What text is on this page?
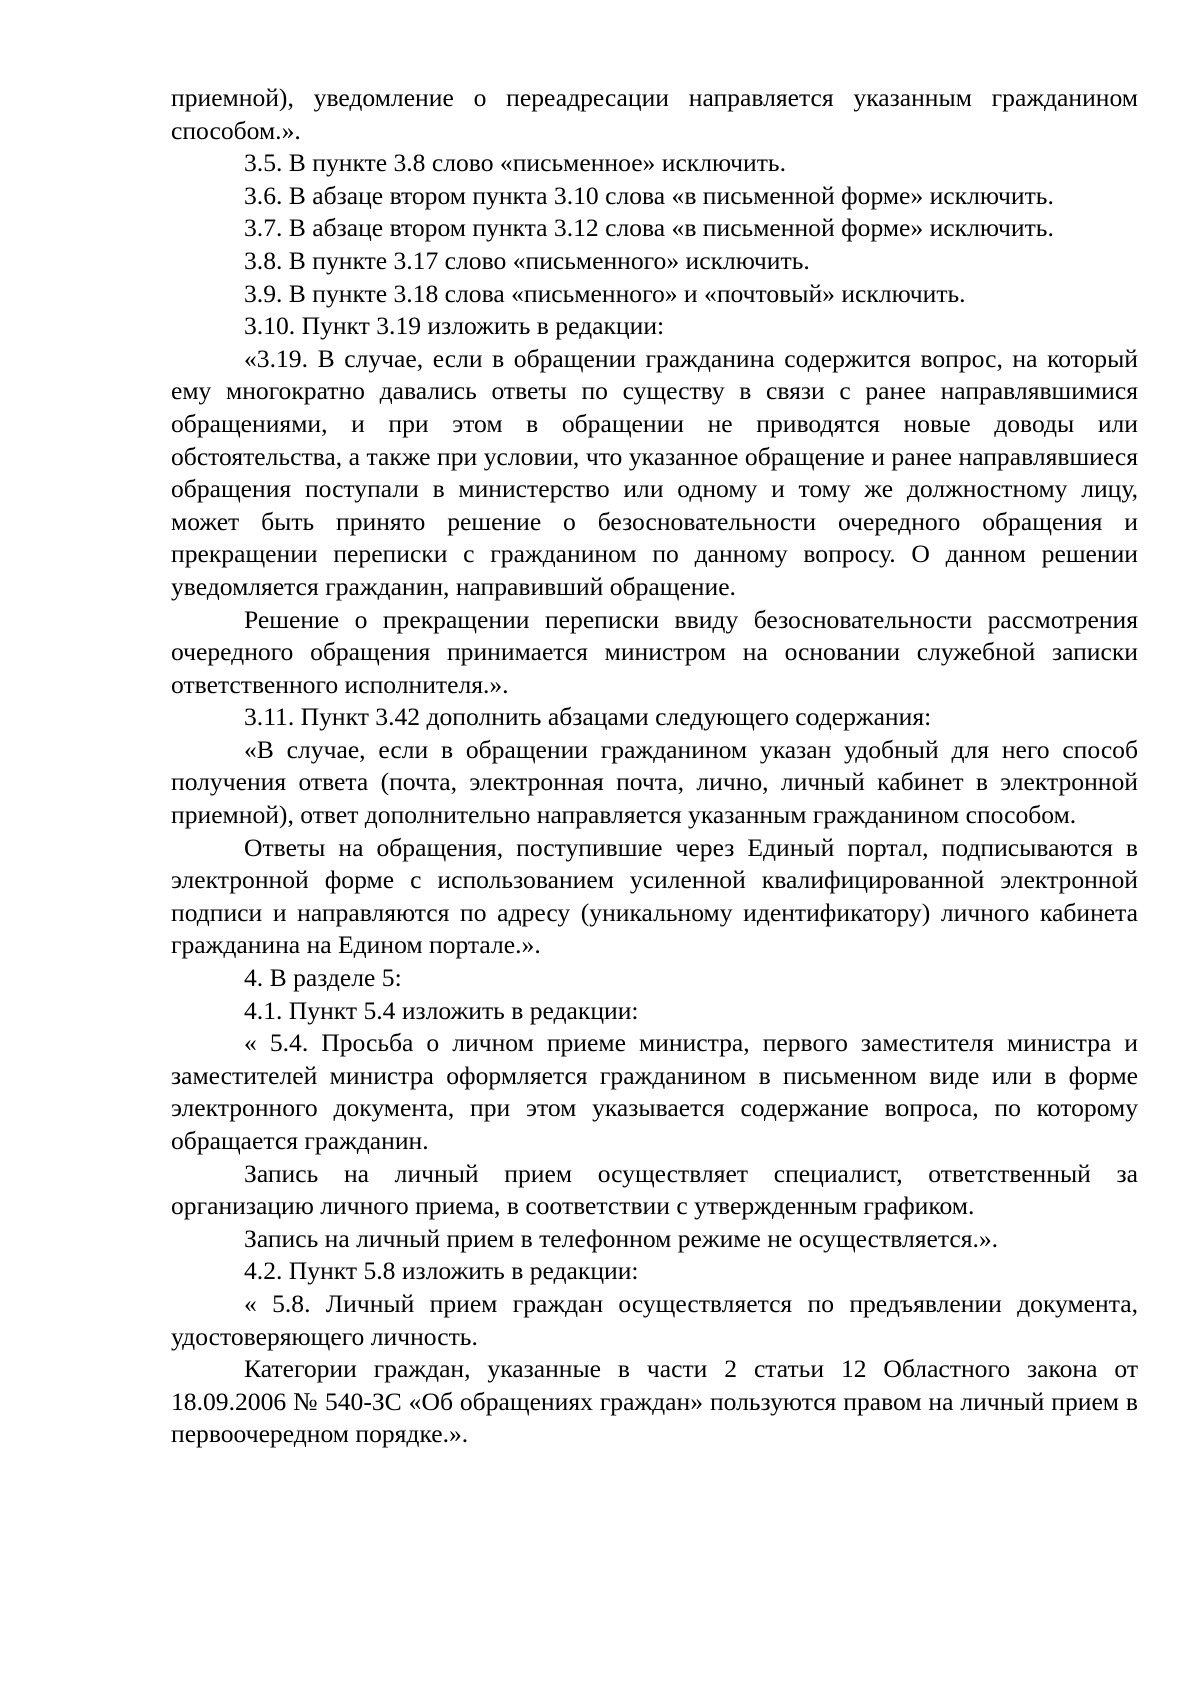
приемной), уведомление о переадресации направляется указанным гражданином способом.».

3.5. В пункте 3.8 слово «письменное» исключить.

3.6. В абзаце втором пункта 3.10 слова «в письменной форме» исключить.

3.7. В абзаце втором пункта 3.12 слова «в письменной форме» исключить.

3.8. В пункте 3.17 слово «письменного» исключить.

3.9. В пункте 3.18 слова «письменного» и «почтовый» исключить.

3.10. Пункт 3.19 изложить в редакции:

«3.19. В случае, если в обращении гражданина содержится вопрос, на который ему многократно давались ответы по существу в связи с ранее направлявшимися обращениями, и при этом в обращении не приводятся новые доводы или обстоятельства, а также при условии, что указанное обращение и ранее направлявшиеся обращения поступали в министерство или одному и тому же должностному лицу, может быть принято решение о безосновательности очередного обращения и прекращении переписки с гражданином по данному вопросу. О данном решении уведомляется гражданин, направивший обращение.

Решение о прекращении переписки ввиду безосновательности рассмотрения очередного обращения принимается министром на основании служебной записки ответственного исполнителя.».

3.11. Пункт 3.42 дополнить абзацами следующего содержания:

«В случае, если в обращении гражданином указан удобный для него способ получения ответа (почта, электронная почта, лично, личный кабинет в электронной приемной), ответ дополнительно направляется указанным гражданином способом.

Ответы на обращения, поступившие через Единый портал, подписываются в электронной форме с использованием усиленной квалифицированной электронной подписи и направляются по адресу (уникальному идентификатору) личного кабинета гражданина на Едином портале.».

4. В разделе 5:

4.1. Пункт 5.4 изложить в редакции:

« 5.4. Просьба о личном приеме министра, первого заместителя министра и заместителей министра оформляется гражданином в письменном виде или в форме электронного документа, при этом указывается содержание вопроса, по которому обращается гражданин.

Запись на личный прием осуществляет специалист, ответственный за организацию личного приема, в соответствии с утвержденным графиком.

Запись на личный прием в телефонном режиме не осуществляется.».

4.2. Пункт 5.8 изложить в редакции:

« 5.8. Личный прием граждан осуществляется по предъявлении документа, удостоверяющего личность.

Категории граждан, указанные в части 2 статьи 12 Областного закона от 18.09.2006 № 540-ЗС «Об обращениях граждан» пользуются правом на личный прием в первоочередном порядке.».
